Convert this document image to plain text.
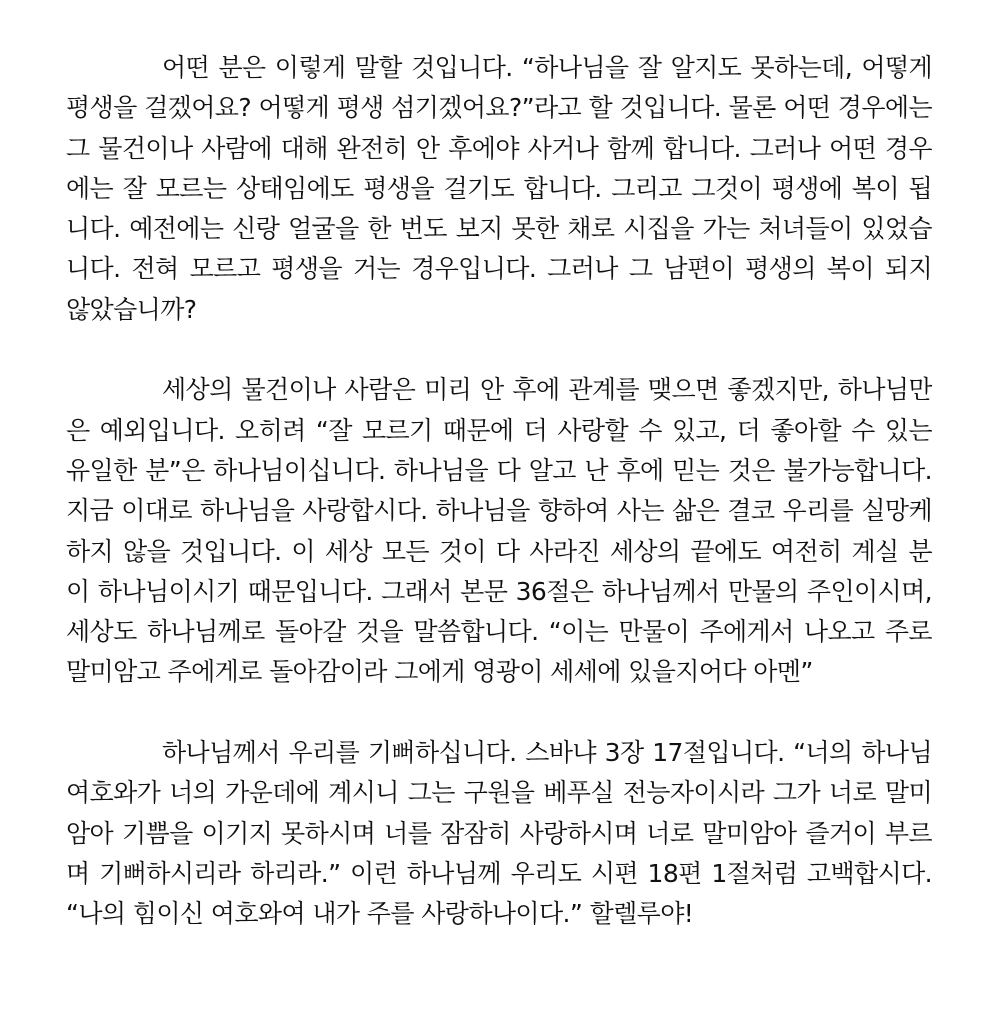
어떤 분은 이렇게 말할 것입니다. “하나님을 잘 알지도 못하는데, 어떻게
평생을 걸겠어요? 어떻게 평생 섬기겠어요?”라고 할 것입니다. 물론 어떤 경우에는
그 물건이나 사람에 대해 완전히 안 후에야 사거나 함께 합니다. 그러나 어떤 경우
에는 잘 모르는 상태임에도 평생을 걸기도 합니다. 그리고 그것이 평생에 복이 됩
니다. 예전에는 신랑 얼굴을 한 번도 보지 못한 채로 시집을 가는 처녀들이 있었습
니다. 전혀 모르고 평생을 거는 경우입니다. 그러나 그 남편이 평생의 복이 되지
않았습니까?
세상의 물건이나 사람은 미리 안 후에 관계를 맺으면 좋겠지만, 하나님만
은 예외입니다. 오히려 “잘 모르기 때문에 더 사랑할 수 있고, 더 좋아할 수 있는
유일한 분”은 하나님이십니다. 하나님을 다 알고 난 후에 믿는 것은 불가능합니다.
지금 이대로 하나님을 사랑합시다. 하나님을 향하여 사는 삶은 결코 우리를 실망케
하지 않을 것입니다. 이 세상 모든 것이 다 사라진 세상의 끝에도 여전히 계실 분
이 하나님이시기 때문입니다. 그래서 본문 36절은 하나님께서 만물의 주인이시며,
세상도 하나님께로 돌아갈 것을 말씀합니다. “이는 만물이 주에게서 나오고 주로
말미암고 주에게로 돌아감이라 그에게 영광이 세세에 있을지어다 아멘”
하나님께서 우리를 기뻐하십니다. 스바냐 3장 17절입니다. “너의 하나님
여호와가 너의 가운데에 계시니 그는 구원을 베푸실 전능자이시라 그가 너로 말미
암아 기쁨을 이기지 못하시며 너를 잠잠히 사랑하시며 너로 말미암아 즐거이 부르
며 기뻐하시리라 하리라.” 이런 하나님께 우리도 시편 18편 1절처럼 고백합시다.
“나의 힘이신 여호와여 내가 주를 사랑하나이다.” 할렐루야!
